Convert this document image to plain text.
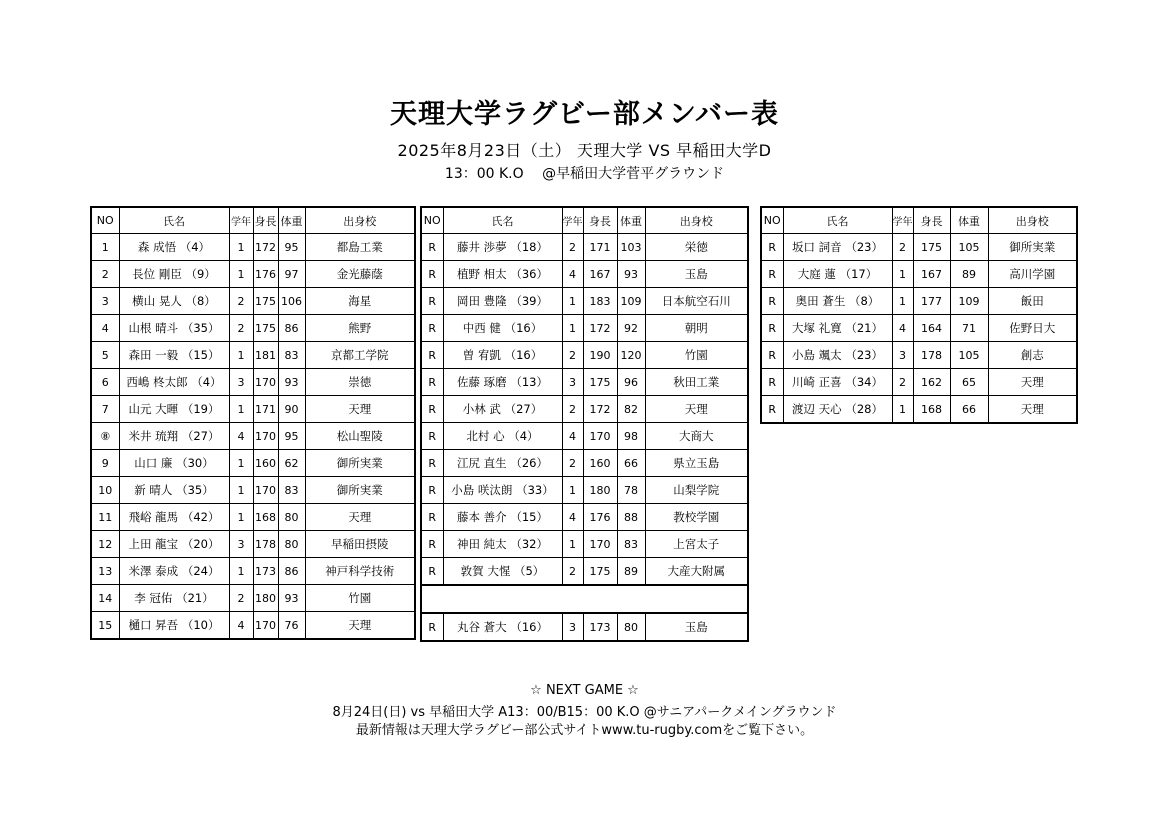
天理大学ラグビー部メンバー表
2025年8月23日（土） 天理大学 VS 早稲田大学D
13：00 K.O　 @早稲田大学菅平グラウンド
NO	氏名	学年	身長	体重	出身校
1	森 成悟 （4）	1	172	95	都島工業
2	長位 剛臣 （9）	1	176	97	金光藤蔭
3	横山 晃人 （8）	2	175	106	海星
4	山根 晴斗 （35）	2	175	86	熊野
5	森田 一毅 （15）	1	181	83	京都工学院
6	西嶋 柊太郎 （4）	3	170	93	崇徳
7	山元 大暉 （19）	1	171	90	天理
⑧	米井 琉翔 （27）	4	170	95	松山聖陵
9	山口 廉 （30）	1	160	62	御所実業
10	新 晴人 （35）	1	170	83	御所実業
11	飛峪 龍馬 （42）	1	168	80	天理
12	上田 龍宝 （20）	3	178	80	早稲田摂陵
13	米澤 泰成 （24）	1	173	86	神戸科学技術
14	李 冠佑 （21）	2	180	93	竹園
15	樋口 昇吾 （10）	4	170	76	天理
NO	氏名	学年	身長	体重	出身校
R	藤井 渉夢 （18）	2	171	103	栄徳
R	植野 相太 （36）	4	167	93	玉島
R	岡田 豊隆 （39）	1	183	109	日本航空石川
R	中西 健 （16）	1	172	92	朝明
R	曽 宥凱 （16）	2	190	120	竹園
R	佐藤 琢磨 （13）	3	175	96	秋田工業
R	小林 武 （27）	2	172	82	天理
R	北村 心 （4）	4	170	98	大商大
R	江尻 直生 （26）	2	160	66	県立玉島
R	小島 咲汰朗 （33）	1	180	78	山梨学院
R	藤本 善介 （15）	4	176	88	教校学園
R	神田 純太 （32）	1	170	83	上宮太子
R	敦賀 大惺 （5）	2	175	89	大産大附属

R	丸谷 蒼大 （16）	3	173	80	玉島
NO	氏名	学年	身長	体重	出身校
R	坂口 詞音 （23）	2	175	105	御所実業
R	大庭 蓮 （17）	1	167	89	高川学園
R	奥田 蒼生 （8）	1	177	109	飯田
R	大塚 礼寛 （21）	4	164	71	佐野日大
R	小島 颯太 （23）	3	178	105	創志
R	川崎 正喜 （34）	2	162	65	天理
R	渡辺 天心 （28）	1	168	66	天理
☆ NEXT GAME ☆
8月24日(日) vs 早稲田大学 A13：00/B15：00 K.O @サニアパークメイングラウンド
最新情報は天理大学ラグビー部公式サイトwww.tu-rugby.comをご覧下さい。
